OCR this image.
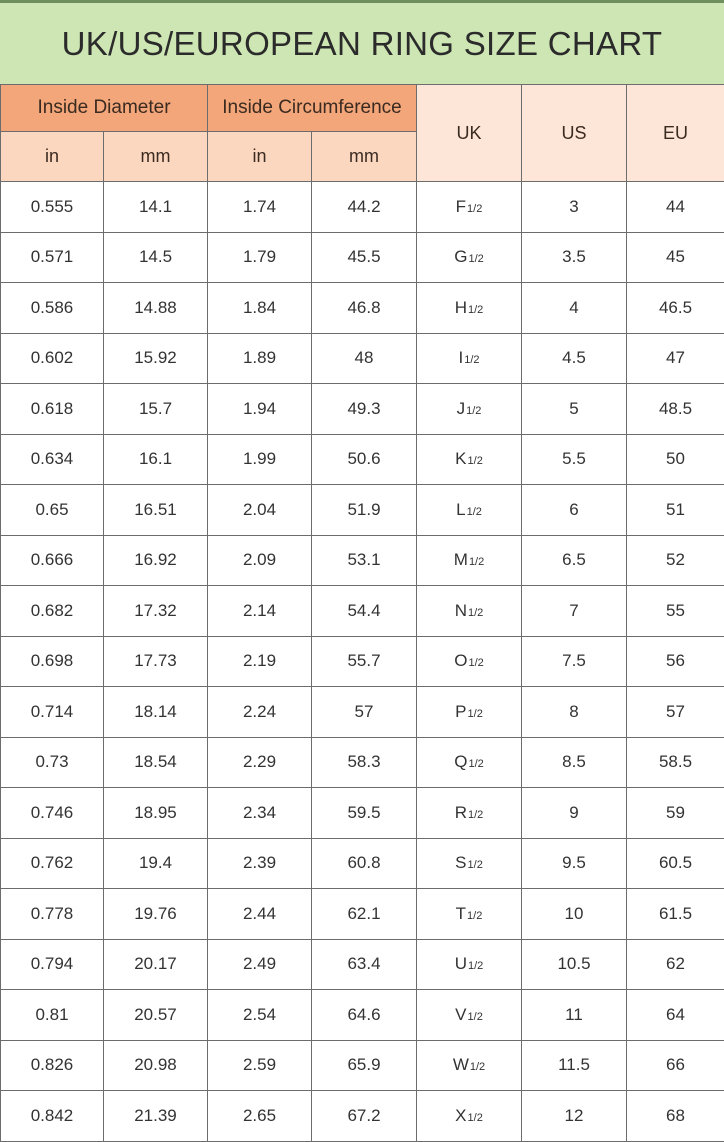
UK/US/EUROPEAN RING SIZE CHART
Inside Diameter		Inside Circumference		UK	US	EU
in	mm	in	mm			
0.555	14.1	1.74	44.2	F1/2	3	44
0.571	14.5	1.79	45.5	G1/2	3.5	45
0.586	14.88	1.84	46.8	H1/2	4	46.5
0.602	15.92	1.89	48	I1/2	4.5	47
0.618	15.7	1.94	49.3	J1/2	5	48.5
0.634	16.1	1.99	50.6	K1/2	5.5	50
0.65	16.51	2.04	51.9	L1/2	6	51
0.666	16.92	2.09	53.1	M1/2	6.5	52
0.682	17.32	2.14	54.4	N1/2	7	55
0.698	17.73	2.19	55.7	O1/2	7.5	56
0.714	18.14	2.24	57	P1/2	8	57
0.73	18.54	2.29	58.3	Q1/2	8.5	58.5
0.746	18.95	2.34	59.5	R1/2	9	59
0.762	19.4	2.39	60.8	S1/2	9.5	60.5
0.778	19.76	2.44	62.1	T1/2	10	61.5
0.794	20.17	2.49	63.4	U1/2	10.5	62
0.81	20.57	2.54	64.6	V1/2	11	64
0.826	20.98	2.59	65.9	W1/2	11.5	66
0.842	21.39	2.65	67.2	X1/2	12	68
